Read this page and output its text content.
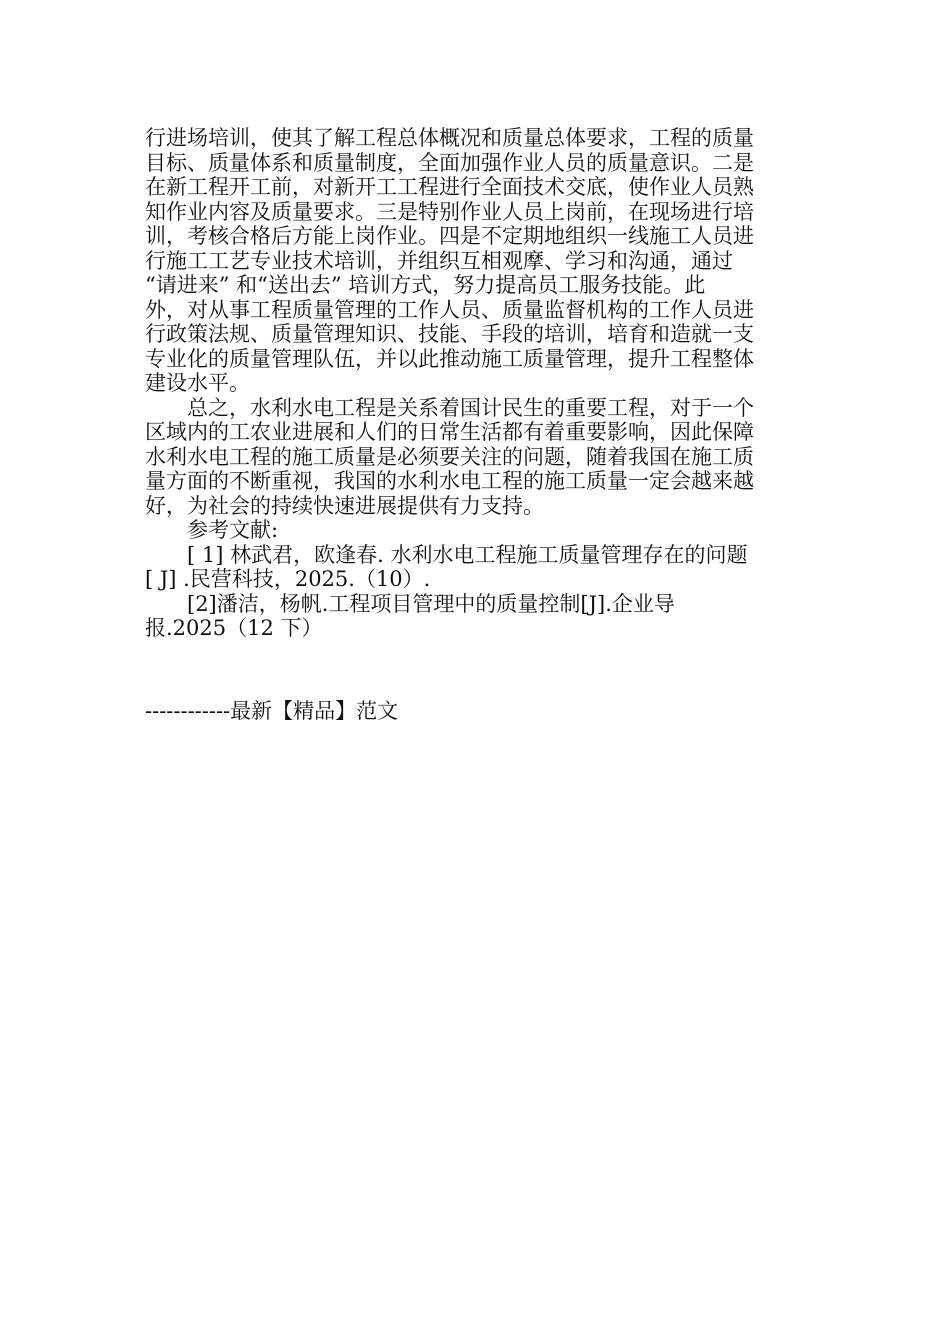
行进场培训，使其了解工程总体概况和质量总体要求，工程的质量
目标、质量体系和质量制度，全面加强作业人员的质量意识。二是
在新工程开工前，对新开工工程进行全面技术交底，使作业人员熟
知作业内容及质量要求。三是特别作业人员上岗前，在现场进行培
训，考核合格后方能上岗作业。四是不定期地组织一线施工人员进
行施工工艺专业技术培训，并组织互相观摩、学习和沟通，通过
“请进来” 和“送出去” 培训方式，努力提高员工服务技能。此
外，对从事工程质量管理的工作人员、质量监督机构的工作人员进
行政策法规、质量管理知识、技能、手段的培训，培育和造就一支
专业化的质量管理队伍，并以此推动施工质量管理，提升工程整体
建设水平。
总之，水利水电工程是关系着国计民生的重要工程，对于一个
区域内的工农业进展和人们的日常生活都有着重要影响，因此保障
水利水电工程的施工质量是必须要关注的问题，随着我国在施工质
量方面的不断重视，我国的水利水电工程的施工质量一定会越来越
好，为社会的持续快速进展提供有力支持。
参考文献:
[ 1] 林武君，欧逢春. 水利水电工程施工质量管理存在的问题
[ J] .民营科技，2025.（10）.
[2]潘洁，杨帆.工程项目管理中的质量控制[J].企业导
报.2025（12 下）
------------最新【精品】范文
